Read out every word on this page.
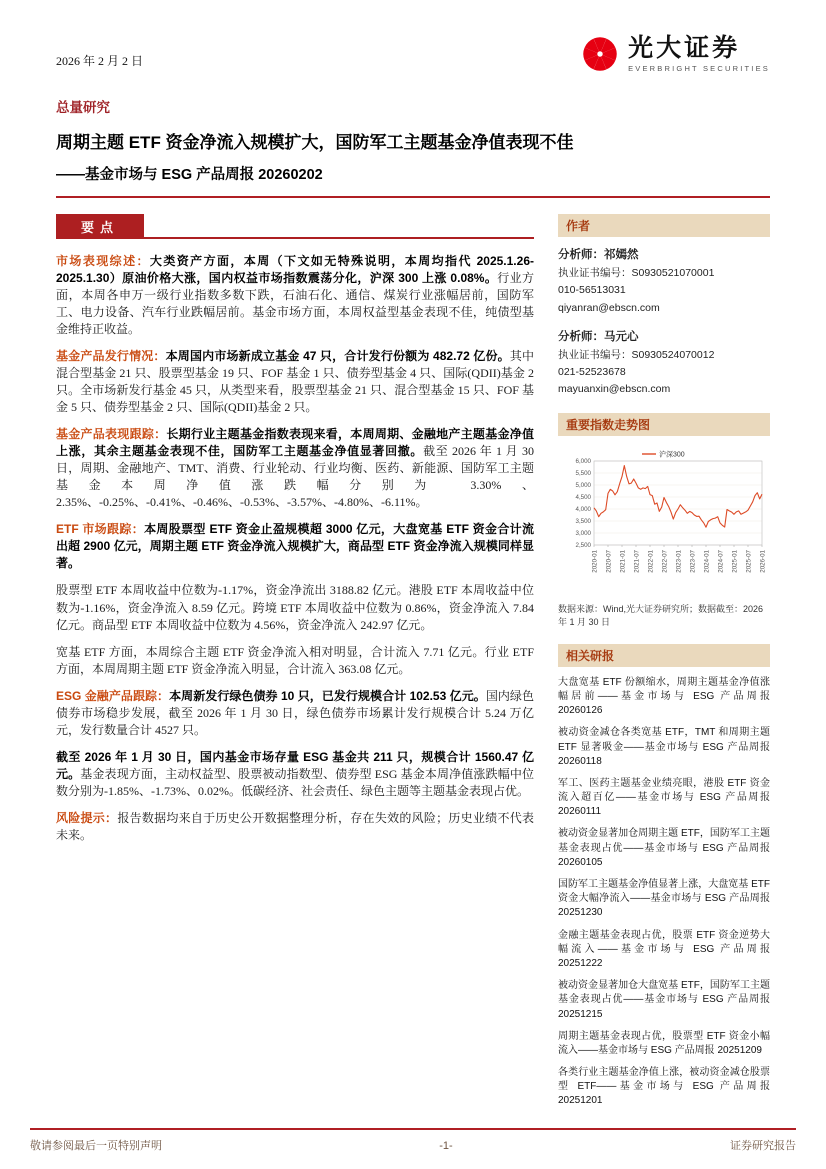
2026 年 2 月 2 日	光大证券
EVERBRIGHT SECURITIES
总量研究
周期主题 ETF 资金净流入规模扩大，国防军工主题基金净值表现不佳
——基金市场与 ESG 产品周报 20260202
要点

市场表现综述：大类资产方面，本周（下文如无特殊说明，本周均指代 2025.1.26-2025.1.30）原油价格大涨，国内权益市场指数震荡分化，沪深 300 上涨 0.08%。行业方面，本周各申万一级行业指数多数下跌，石油石化、通信、煤炭行业涨幅居前，国防军工、电力设备、汽车行业跌幅居前。基金市场方面，本周权益型基金表现不佳，纯债型基金维持正收益。

基金产品发行情况：本周国内市场新成立基金 47 只，合计发行份额为 482.72 亿份。其中混合型基金 21 只、股票型基金 19 只、FOF 基金 1 只、债券型基金 4 只、国际(QDII)基金 2 只。全市场新发行基金 45 只，从类型来看，股票型基金 21 只、混合型基金 15 只、FOF 基金 5 只、债券型基金 2 只、国际(QDII)基金 2 只。

基金产品表现跟踪：长期行业主题基金指数表现来看，本周周期、金融地产主题基金净值上涨，其余主题基金表现不佳，国防军工主题基金净值显著回撤。截至 2026 年 1 月 30 日，周期、金融地产、TMT、消费、行业轮动、行业均衡、医药、新能源、国防军工主题基金本周净值涨跌幅分别为 3.30%、2.35%、-0.25%、-0.41%、-0.46%、-0.53%、-3.57%、-4.80%、-6.11%。

ETF 市场跟踪：本周股票型 ETF 资金止盈规模超 3000 亿元，大盘宽基 ETF 资金合计流出超 2900 亿元，周期主题 ETF 资金净流入规模扩大，商品型 ETF 资金净流入规模同样显著。

股票型 ETF 本周收益中位数为-1.17%，资金净流出 3188.82 亿元。港股 ETF 本周收益中位数为-1.16%，资金净流入 8.59 亿元。跨境 ETF 本周收益中位数为 0.86%，资金净流入 7.84 亿元。商品型 ETF 本周收益中位数为 4.56%，资金净流入 242.97 亿元。

宽基 ETF 方面，本周综合主题 ETF 资金净流入相对明显，合计流入 7.71 亿元。行业 ETF 方面，本周周期主题 ETF 资金净流入明显，合计流入 363.08 亿元。

ESG 金融产品跟踪：本周新发行绿色债券 10 只，已发行规模合计 102.53 亿元。国内绿色债券市场稳步发展，截至 2026 年 1 月 30 日，绿色债券市场累计发行规模合计 5.24 万亿元，发行数量合计 4527 只。

截至 2026 年 1 月 30 日，国内基金市场存量 ESG 基金共 211 只，规模合计 1560.47 亿元。基金表现方面，主动权益型、股票被动指数型、债券型 ESG 基金本周净值涨跌幅中位数分别为-1.85%、-1.73%、0.02%。低碳经济、社会责任、绿色主题等主题基金表现占优。

风险提示：报告数据均来自于历史公开数据整理分析，存在失效的风险；历史业绩不代表未来。

作者
分析师：祁嫣然
执业证书编号：S0930521070001
010-56513031
qiyanran@ebscn.com
分析师：马元心
执业证书编号：S0930524070012
021-52523678
mayuanxin@ebscn.com
重要指数走势图
沪深300
2,500
3,000
3,500
4,000
4,500
5,000
5,500
6,000
2020-01 2020-07 2021-01 2021-07 2022-01 2022-07 2023-01 2023-07 2024-01 2024-07 2025-01 2025-07 2026-01
数据来源：Wind,光大证券研究所；数据截至：2026 年 1 月 30 日
相关研报

大盘宽基 ETF 份额缩水，周期主题基金净值涨幅居前——基金市场与 ESG 产品周报 20260126

被动资金减仓各类宽基 ETF，TMT 和周期主题 ETF 显著吸金——基金市场与 ESG 产品周报 20260118

军工、医药主题基金业绩亮眼，港股 ETF 资金流入超百亿——基金市场与 ESG 产品周报 20260111

被动资金显著加仓周期主题 ETF，国防军工主题基金表现占优——基金市场与 ESG 产品周报 20260105

国防军工主题基金净值显著上涨，大盘宽基 ETF 资金大幅净流入——基金市场与 ESG 产品周报 20251230

金融主题基金表现占优，股票 ETF 资金逆势大幅流入——基金市场与 ESG 产品周报 20251222

被动资金显著加仓大盘宽基 ETF，国防军工主题基金表现占优——基金市场与 ESG 产品周报 20251215

周期主题基金表现占优，股票型 ETF 资金小幅流入——基金市场与 ESG 产品周报 20251209

各类行业主题基金净值上涨，被动资金减仓股票型 ETF——基金市场与 ESG 产品周报 20251201

敬请参阅最后一页特别声明	-1-	证券研究报告
